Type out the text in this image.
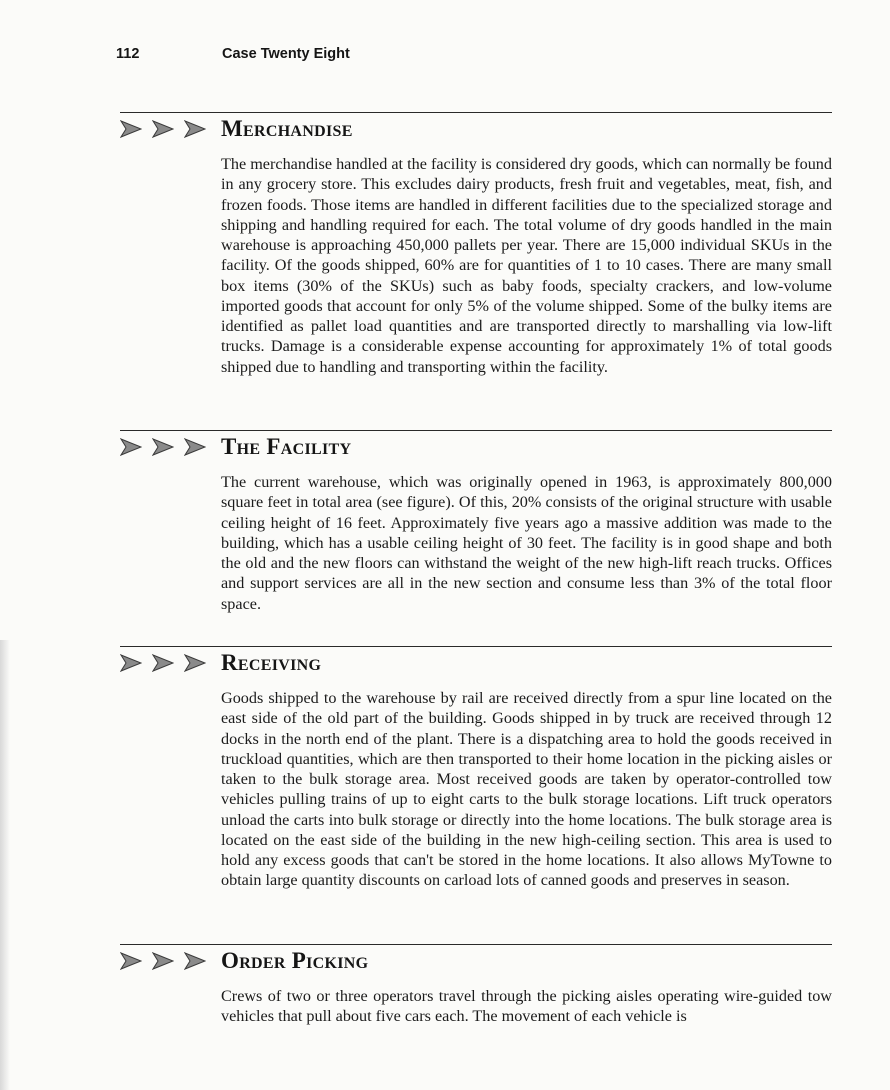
112	Case Twenty Eight
Merchandise

The merchandise handled at the facility is considered dry goods, which can normally be found in any grocery store. This excludes dairy products, fresh fruit and vegetables, meat, fish, and frozen foods. Those items are handled in different facilities due to the specialized storage and shipping and handling required for each. The total volume of dry goods handled in the main warehouse is approaching 450,000 pallets per year. There are 15,000 individual SKUs in the facility. Of the goods shipped, 60% are for quantities of 1 to 10 cases. There are many small box items (30% of the SKUs) such as baby foods, specialty crackers, and low-volume imported goods that account for only 5% of the volume shipped. Some of the bulky items are identified as pallet load quantities and are transported directly to marshalling via low-lift trucks. Damage is a considerable expense accounting for approximately 1% of total goods shipped due to handling and transporting within the facility.

The Facility

The current warehouse, which was originally opened in 1963, is approximately 800,000 square feet in total area (see figure). Of this, 20% consists of the original structure with usable ceiling height of 16 feet. Approximately five years ago a massive addition was made to the building, which has a usable ceiling height of 30 feet. The facility is in good shape and both the old and the new floors can withstand the weight of the new high-lift reach trucks. Offices and support services are all in the new section and consume less than 3% of the total floor space.

Receiving

Goods shipped to the warehouse by rail are received directly from a spur line located on the east side of the old part of the building. Goods shipped in by truck are received through 12 docks in the north end of the plant. There is a dispatching area to hold the goods received in truckload quantities, which are then transported to their home location in the picking aisles or taken to the bulk storage area. Most received goods are taken by operator-controlled tow vehicles pulling trains of up to eight carts to the bulk storage locations. Lift truck operators unload the carts into bulk storage or directly into the home locations. The bulk storage area is located on the east side of the building in the new high-ceiling section. This area is used to hold any excess goods that can't be stored in the home locations. It also allows MyTowne to obtain large quantity discounts on carload lots of canned goods and preserves in season.

Order Picking

Crews of two or three operators travel through the picking aisles operating wire-guided tow vehicles that pull about five cars each. The movement of each vehicle is
